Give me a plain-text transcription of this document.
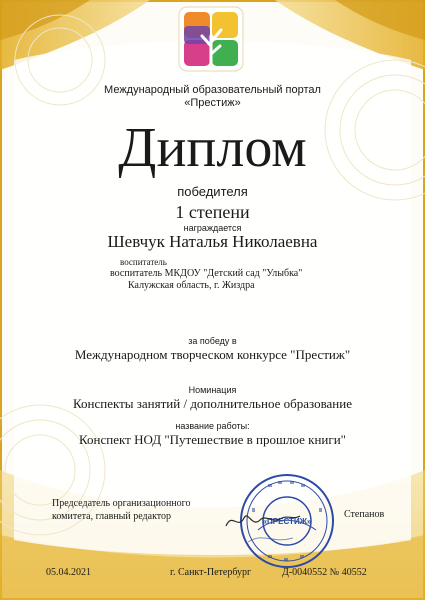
Международный образовательный портал
«Престиж»
Диплом
победителя
1 степени
награждается
Шевчук Наталья Николаевна
воспитатель
воспитатель МКДОУ "Детский сад "Улыбка"
Калужская область, г. Жиздра
за победу в
Международном творческом конкурсе "Престиж"
Номинация
Конспекты занятий / дополнительное образование
название работы:
Конспект НОД "Путешествие в прошлое книги"
Председатель организационного
комитета, главный редактор	«ПРЕСТИЖ»
Степанов
05.04.2021	г. Санкт-Петербург	Д-0040552 № 40552
